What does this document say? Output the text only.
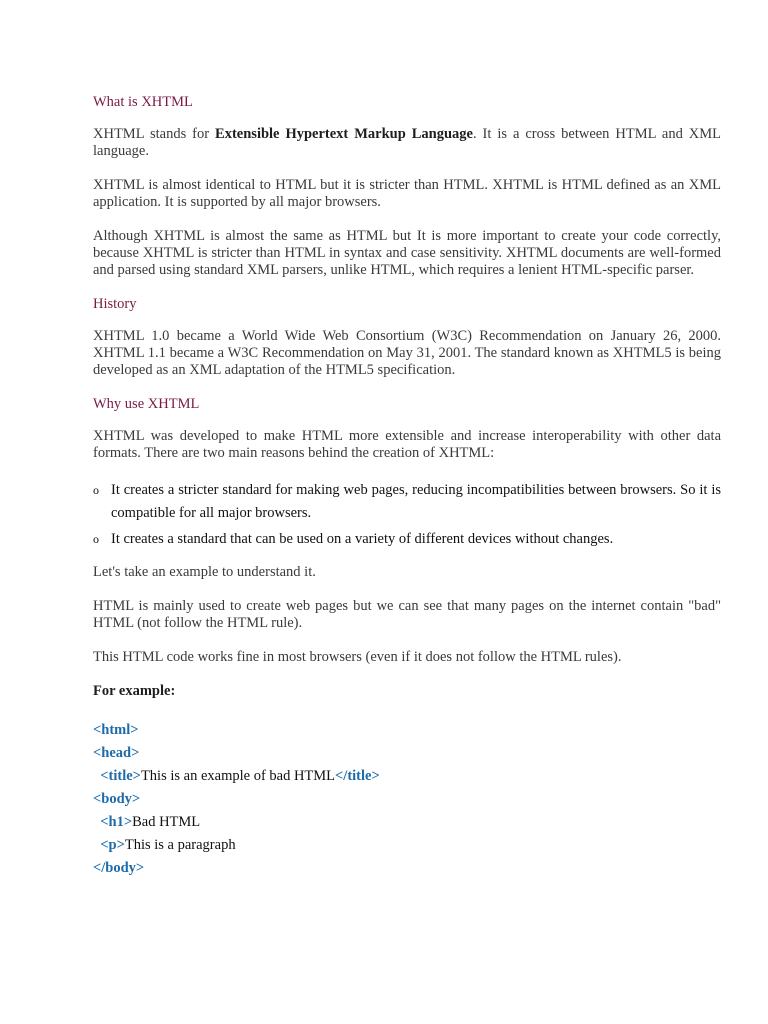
What is XHTML

XHTML stands for Extensible Hypertext Markup Language. It is a cross between HTML and XML language.

XHTML is almost identical to HTML but it is stricter than HTML. XHTML is HTML defined as an XML application. It is supported by all major browsers.

Although XHTML is almost the same as HTML but It is more important to create your code correctly, because XHTML is stricter than HTML in syntax and case sensitivity. XHTML documents are well-formed and parsed using standard XML parsers, unlike HTML, which requires a lenient HTML-specific parser.

History

XHTML 1.0 became a World Wide Web Consortium (W3C) Recommendation on January 26, 2000. XHTML 1.1 became a W3C Recommendation on May 31, 2001. The standard known as XHTML5 is being developed as an XML adaptation of the HTML5 specification.

Why use XHTML

XHTML was developed to make HTML more extensible and increase interoperability with other data formats. There are two main reasons behind the creation of XHTML:

o It creates a stricter standard for making web pages, reducing incompatibilities between browsers. So it is compatible for all major browsers.
o It creates a standard that can be used on a variety of different devices without changes.

Let's take an example to understand it.

HTML is mainly used to create web pages but we can see that many pages on the internet contain "bad" HTML (not follow the HTML rule).

This HTML code works fine in most browsers (even if it does not follow the HTML rules).

For example:
<html>
<head>
<title>This is an example of bad HTML</title>
<body>
<h1>Bad HTML
<p>This is a paragraph
</body>
